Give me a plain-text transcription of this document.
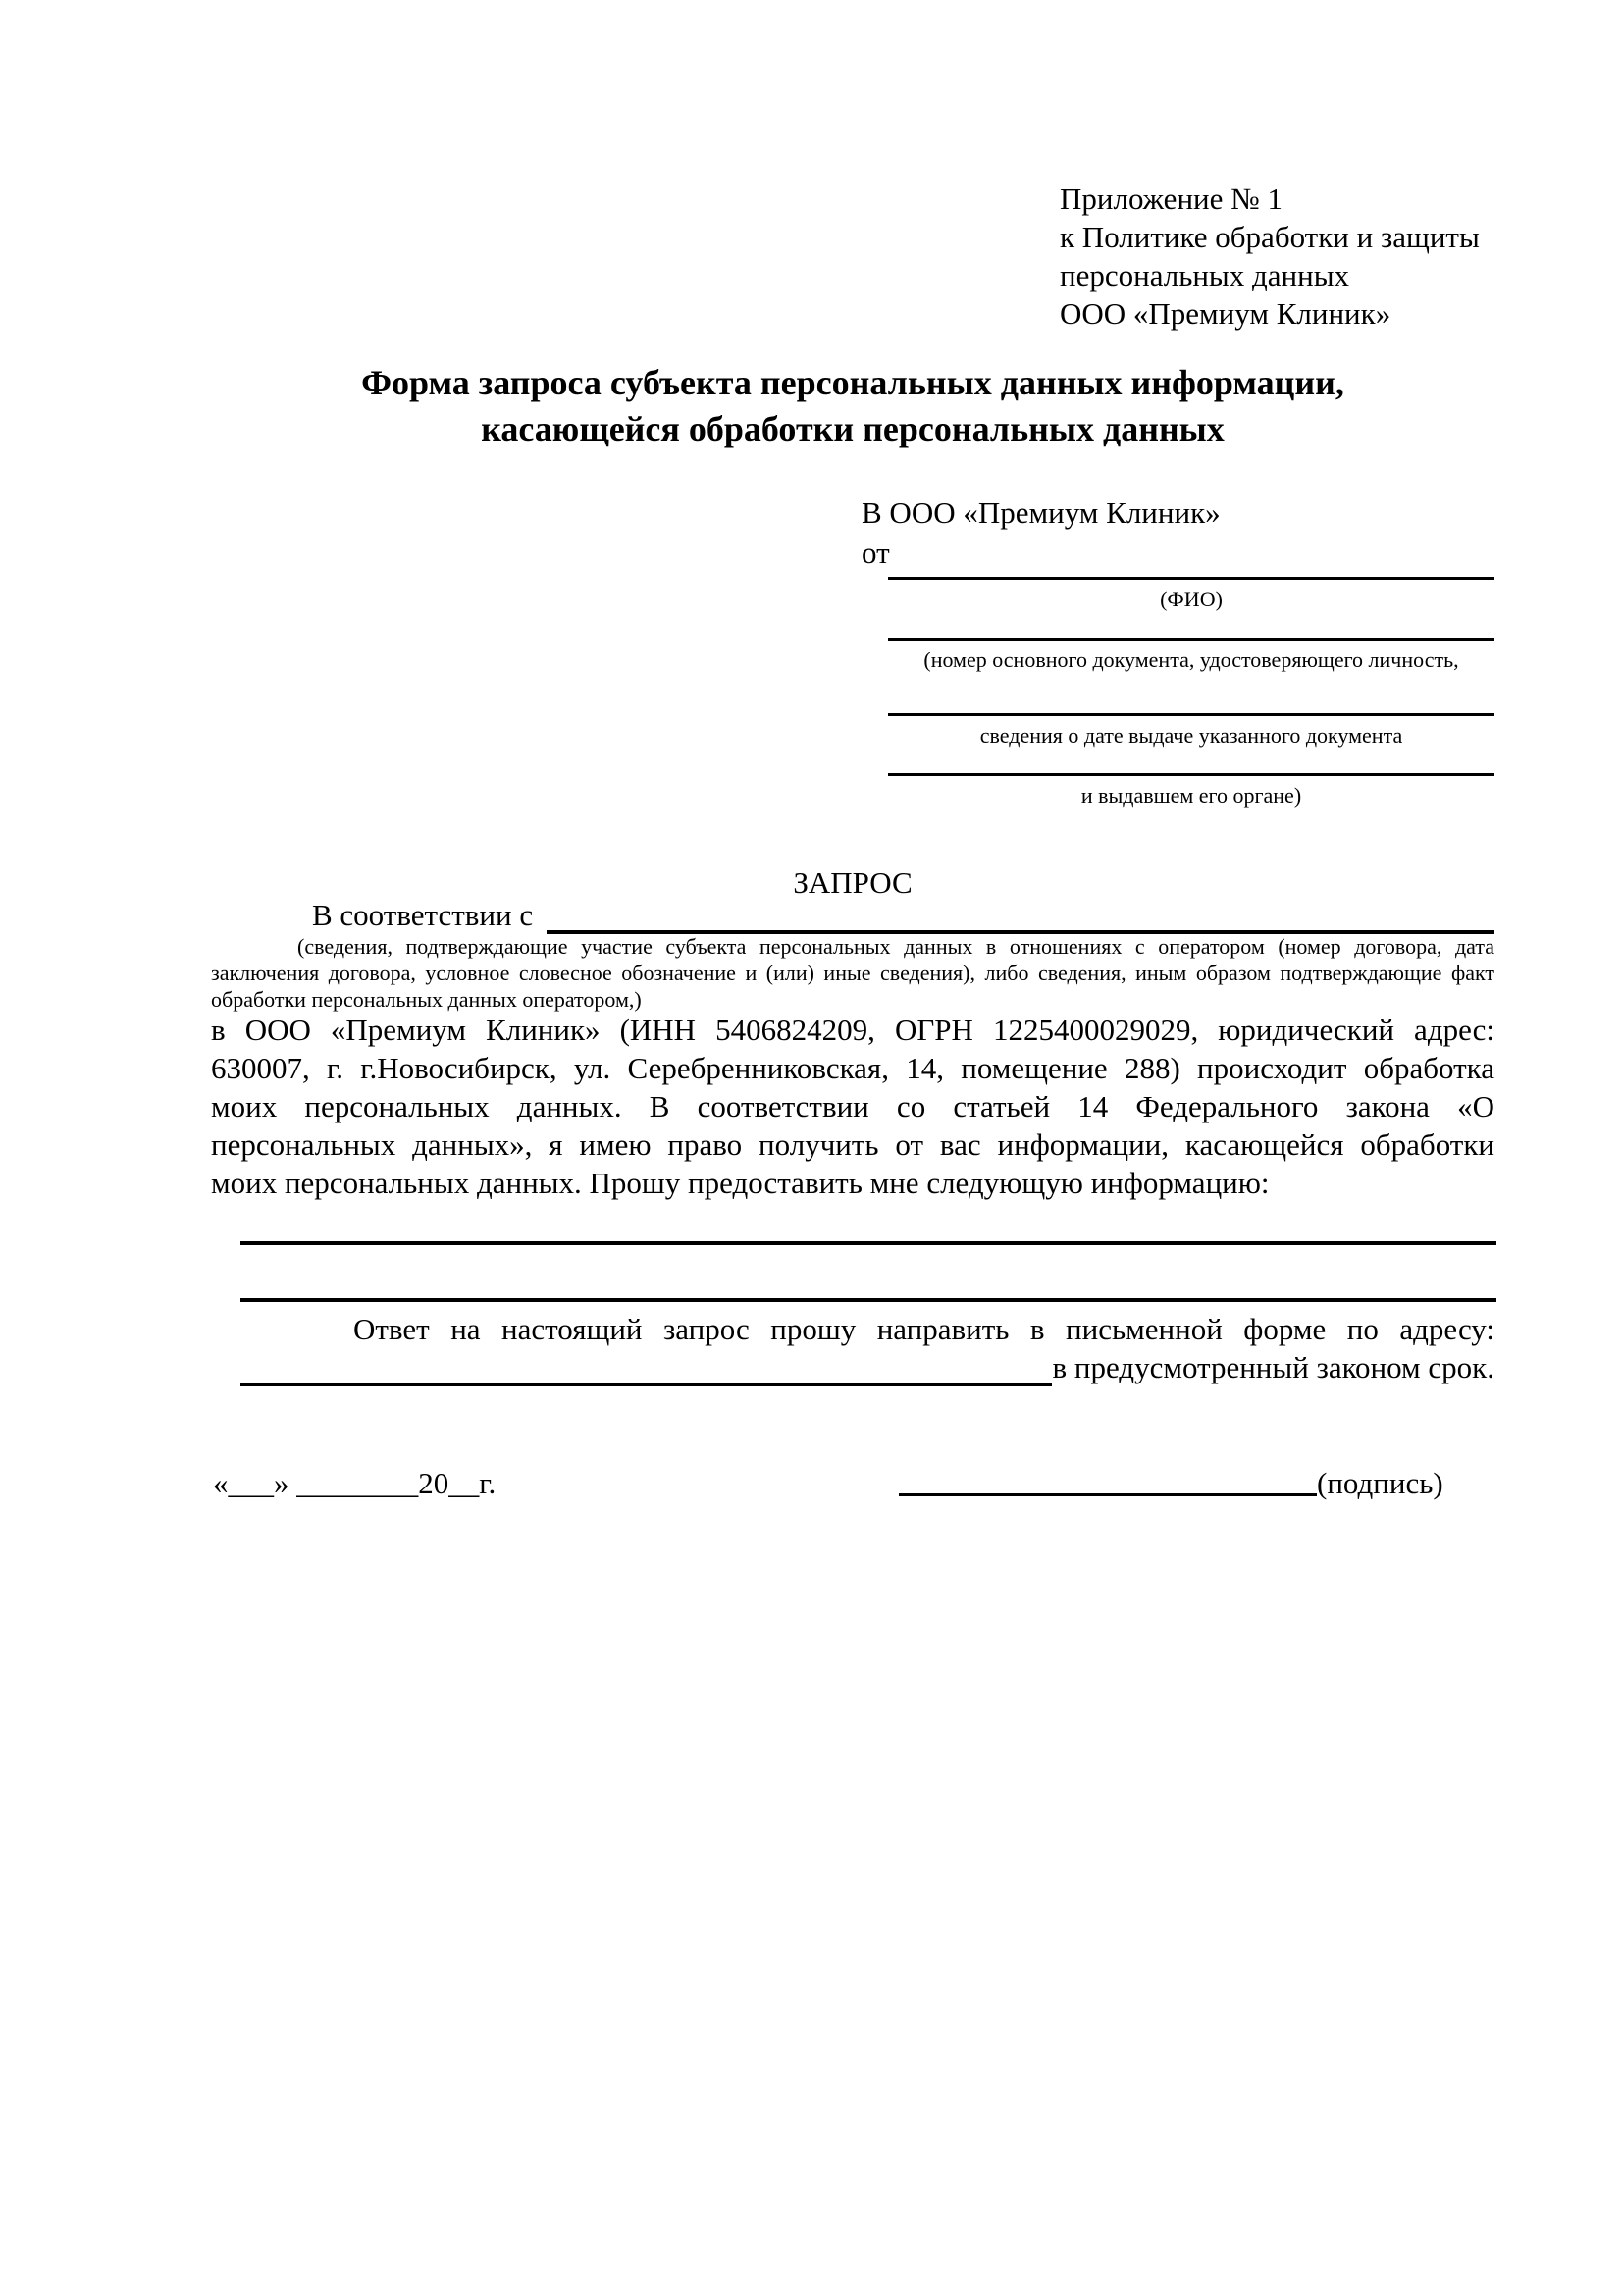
Приложение № 1
к Политике обработки и защиты
персональных данных
ООО «Премиум Клиник»
Форма запроса субъекта персональных данных информации,
касающейся обработки персональных данных
В ООО «Премиум Клиник»
от
(ФИО)
(номер основного документа, удостоверяющего личность,
сведения о дате выдаче указанного документа
и выдавшем его органе)
ЗАПРОС
В соответствии с
(сведения, подтверждающие участие субъекта персональных данных в отношениях с оператором (номер договора, дата
заключения договора, условное словесное обозначение и (или) иные сведения), либо сведения, иным образом подтверждающие факт
обработки персональных данных оператором,)
в ООО «Премиум Клиник» (ИНН 5406824209, ОГРН 1225400029029, юридический адрес:
630007, г. г.Новосибирск, ул. Серебренниковская, 14, помещение 288) происходит обработка
моих персональных данных. В соответствии со статьей 14 Федерального закона «О
персональных данных», я имею право получить от вас информации, касающейся обработки
моих персональных данных. Прошу предоставить мне следующую информацию:
Ответ на настоящий запрос прошу направить в письменной форме по адресу:
в предусмотренный законом срок.
«___» ________20__г.	(подпись)
